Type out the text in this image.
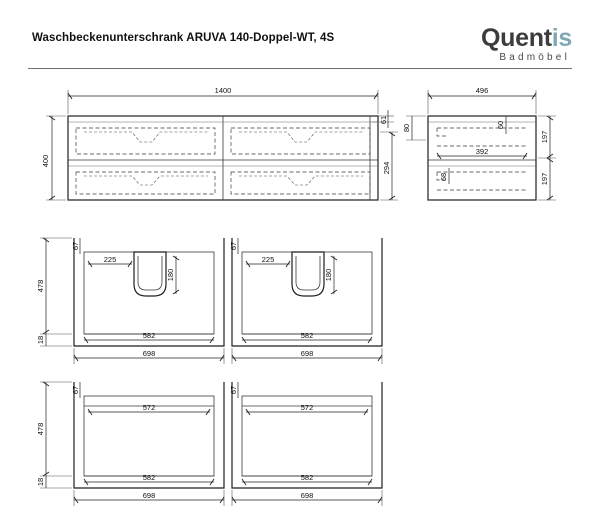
Waschbeckenunterschrank ARUVA 140-Doppel-WT, 4S	Quentis
Badmöbel
1400
400
61
294
496
80	60
392
68
197
197
67
478
18
225
180
582
698
67
225
180
582
698
67
478
18
572
582
698
67
572
582
698
